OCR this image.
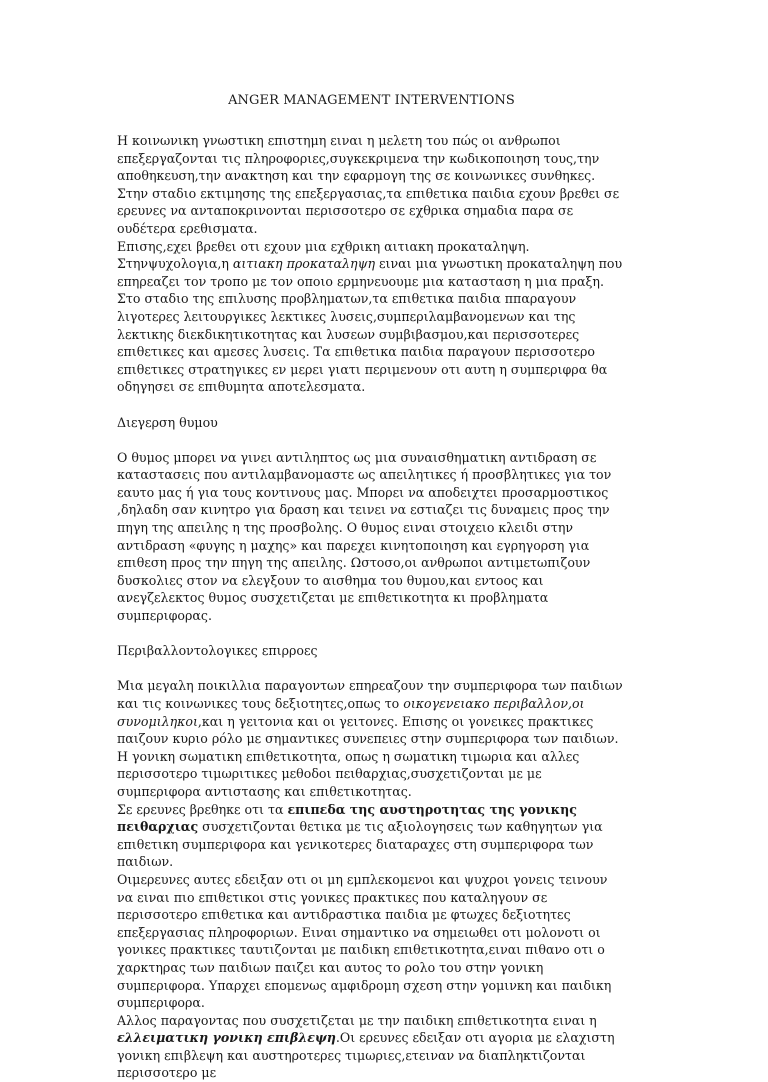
ANGER MANAGEMENT INTERVENTIONS

Η κοινωνικη γνωστικη επιστημη ειναι η μελετη του πώς οι ανθρωποι επεξεργαζονται τις πληροφοριες,συγκεκριμενα την κωδικοποιηση τους,την αποθηκευση,την ανακτηση και την εφαρμογη της σε κοινωνικες συνθηκες.

Στην σταδιο εκτιμησης της επεξεργασιας,τα επιθετικα παιδια εχουν βρεθει σε ερευνες να ανταποκρινονται περισσοτερο σε εχθρικα σημαδια παρα σε ουδέτερα ερεθισματα.

Επισης,εχει βρεθει οτι εχουν μια εχθρικη αιτιακη προκαταληψη. Στηνψυχολογια,η αιτιακη προκαταληψη ειναι μια γνωστικη προκαταληψη που επηρεαζει τον τροπο με τον οποιο ερμηνευουμε μια κατασταση η μια πραξη.

Στο σταδιο της επιλυσης προβληματων,τα επιθετικα παιδια ππαραγουν λιγοτερες λειτουργικες λεκτικες λυσεις,συμπεριλαμβανομενων και της λεκτικης διεκδικητικοτητας και λυσεων συμβιβασμου,και περισσοτερες επιθετικες και αμεσες λυσεις. Τα επιθετικα παιδια παραγουν περισσοτερο επιθετικες στρατηγικες εν μερει γιατι περιμενουν οτι αυτη η συμπεριφρα θα οδηγησει σε επιθυμητα αποτελεσματα.

Διεγερση θυμου

Ο θυμος μπορει να γινει αντιληπτος ως μια συναισθηματικη αντιδραση σε καταστασεις που αντιλαμβανομαστε ως απειλητικες ή προσβλητικες για τον εαυτο μας ή για τους κοντινους μας. Μπορει να αποδειχτει προσαρμοστικος ,δηλαδη σαν κινητρο για δραση και τεινει να εστιαζει τις δυναμεις προς την πηγη της απειλης η της προσβολης. Ο θυμος ειναι στοιχειο κλειδι στην αντιδραση «φυγης η μαχης» και παρεχει κινητοποιηση και εγρηγορση για επιθεση προς την πηγη της απειλης. Ωστοσο,οι ανθρωποι αντιμετωπιζουν δυσκολιες στον να ελεγξουν το αισθημα του θυμου,και εντοος και ανεγζελεκτος θυμος συσχετιζεται με επιθετικοτητα κι προβληματα συμπεριφορας.

Περιβαλλοντολογικες επιρροες

Μια μεγαλη ποικιλλια παραγοντων επηρεαζουν την συμπεριφορα των παιδιων και τις κοινωνικες τους δεξιοτητες,οπως το οικογενειακο περιβαλλον,οι συνομιληκοι,και η γειτονια και οι γειτονες. Επισης οι γονεικες πρακτικες παιζουν κυριο ρόλο με σημαντικες συνεπειες στην συμπεριφορα των παιδιων.

Η γονικη σωματικη επιθετικοτητα, οπως η σωματικη τιμωρια και αλλες περισσοτερο τιμωριτικες μεθοδοι πειθαρχιας,συσχετιζονται με με συμπεριφορα αντιστασης και επιθετικοτητας.

Σε ερευνες βρεθηκε οτι τα επιπεδα της αυστηροτητας της γονικης πειθαρχιας συσχετιζονται θετικα με τις αξιολογησεις των καθηγητων για επιθετικη συμπεριφορα και γενικοτερες διαταραχες στη συμπεριφορα των παιδιων.

Οιμερευνες αυτες εδειξαν οτι οι μη εμπλεκομενοι και ψυχροι γονεις τεινουν να ειναι πιο επιθετικοι στις γονικες πρακτικες που καταληγουν σε περισσοτερο επιθετικα και αντιδραστικα παιδια με φτωχες δεξιοτητες επεξεργασιας πληροφοριων. Ειναι σημαντικο να σημειωθει οτι μολονοτι οι γονικες πρακτικες ταυτιζονται με παιδικη επιθετικοτητα,ειναι πιθανο οτι ο χαρκτηρας των παιδιων παιζει και αυτος το ρολο του στην γονικη συμπεριφορα. Υπαρχει επομενως αμφιδρομη σχεση στην γομινκη και παιδικη συμπεριφορα.

Αλλος παραγοντας που συσχετιζεται με την παιδικη επιθετικοτητα ειναι η ελλειματικη γονικη επιβλεψη.Οι ερευνες εδειξαν οτι αγορια με ελαχιστη γονικη επιβλεψη και αυστηροτερες τιμωριες,ετειναν να διαπληκτιζονται περισσοτερο με
